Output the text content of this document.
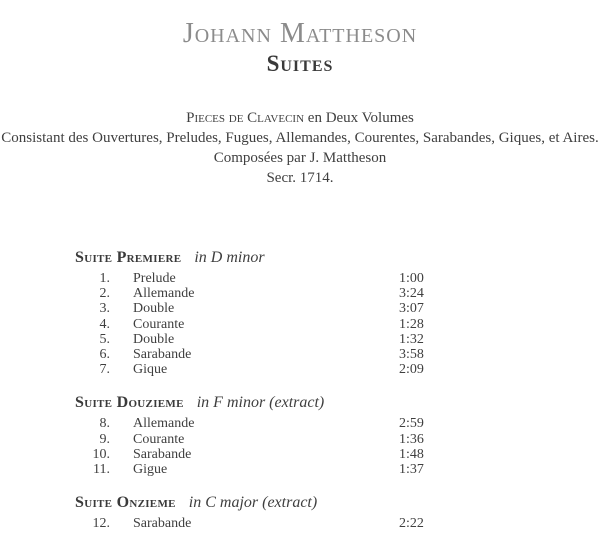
Johann Mattheson
Suites
Pieces de Clavecin en Deux Volumes
Consistant des Ouvertures, Preludes, Fugues, Allemandes, Courentes, Sarabandes, Giques, et Aires.
Composées par J. Mattheson
Secr. 1714.
Suite Premiere in D minor
1.	Prelude	1:00
2.	Allemande	3:24
3.	Double	3:07
4.	Courante	1:28
5.	Double	1:32
6.	Sarabande	3:58
7.	Gique	2:09
Suite Douzieme in F minor (extract)
8.	Allemande	2:59
9.	Courante	1:36
10.	Sarabande	1:48
11.	Gigue	1:37
Suite Onzieme in C major (extract)
12.	Sarabande	2:22
